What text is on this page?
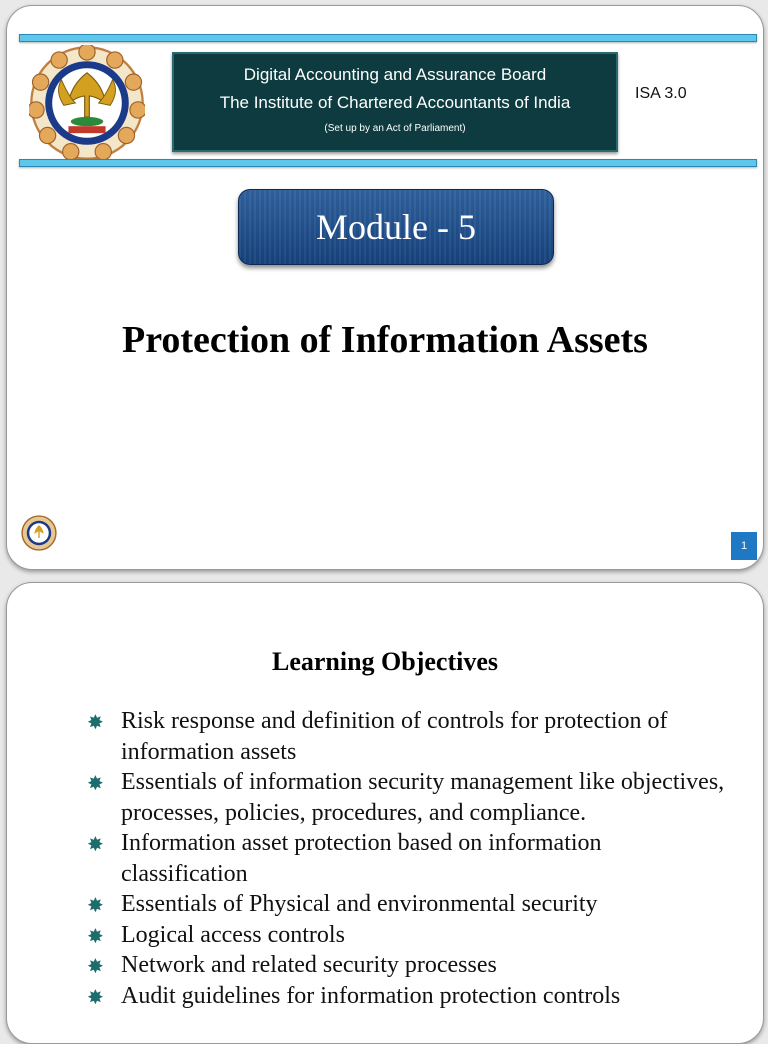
Digital Accounting and Assurance Board
The Institute of Chartered Accountants of India
(Set up by an Act of Parliament)
ISA 3.0
Module - 5
Protection of Information Assets
1
Learning Objectives
✸ Risk response and definition of controls for protection of information assets
✸ Essentials of information security management like objectives, processes, policies, procedures, and compliance.
✸ Information asset protection based on information classification
✸ Essentials of Physical and environmental security
✸ Logical access controls
✸ Network and related security processes
✸ Audit guidelines for information protection controls
